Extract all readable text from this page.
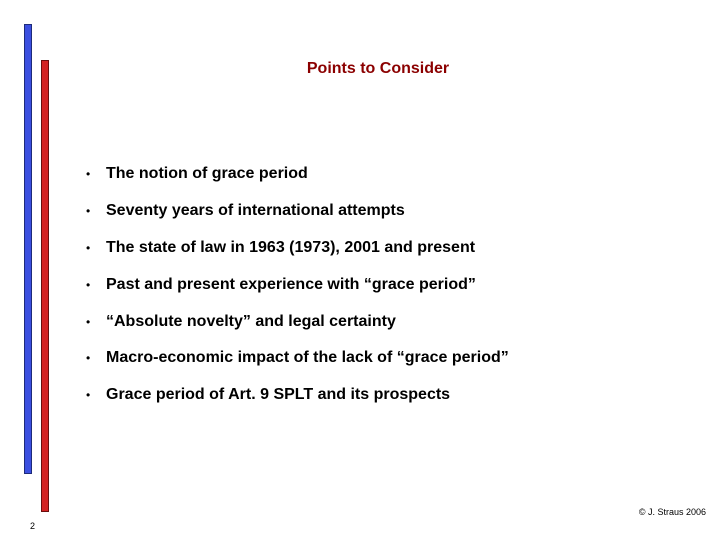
Points to Consider
• The notion of grace period
• Seventy years of international attempts
• The state of law in 1963 (1973), 2001 and present
• Past and present experience with “grace period”
• “Absolute novelty” and legal certainty
• Macro-economic impact of the lack of “grace period”
• Grace period of Art. 9 SPLT and its prospects
2
© J. Straus 2006
